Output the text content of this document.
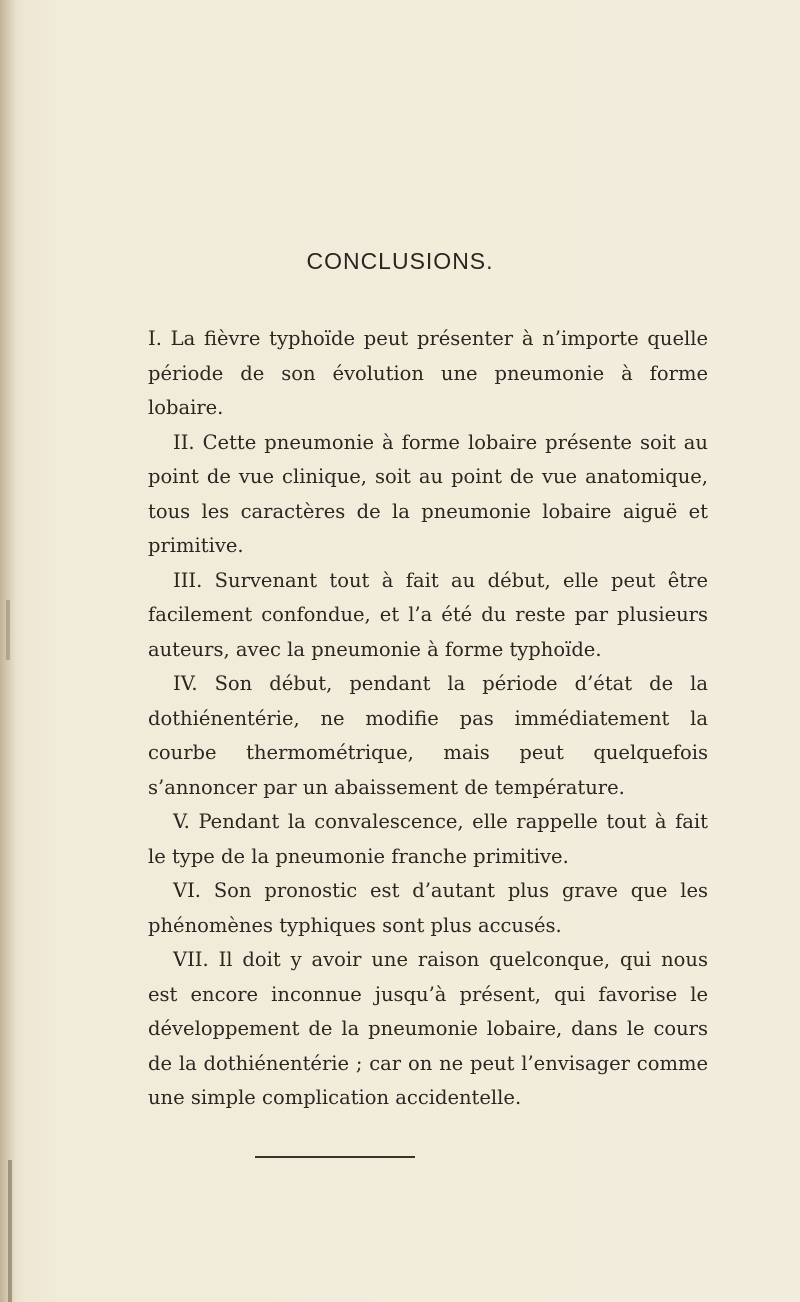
CONCLUSIONS.

I. La fièvre typhoïde peut présenter à n’importe quelle période de son évolution une pneumonie à forme lobaire.

II. Cette pneumonie à forme lobaire présente soit au point de vue clinique, soit au point de vue anatomique, tous les caractères de la pneumonie lobaire aiguë et primitive.

III. Survenant tout à fait au début, elle peut être facilement confondue, et l’a été du reste par plusieurs auteurs, avec la pneumonie à forme typhoïde.

IV. Son début, pendant la période d’état de la dothiénentérie, ne modifie pas immédiatement la courbe thermométrique, mais peut quelquefois s’annoncer par un abaissement de température.

V. Pendant la convalescence, elle rappelle tout à fait le type de la pneumonie franche primitive.

VI. Son pronostic est d’autant plus grave que les phénomènes typhiques sont plus accusés.

VII. Il doit y avoir une raison quelconque, qui nous est encore inconnue jusqu’à présent, qui favorise le développement de la pneumonie lobaire, dans le cours de la dothiénentérie ; car on ne peut l’envisager comme une simple complication accidentelle.
